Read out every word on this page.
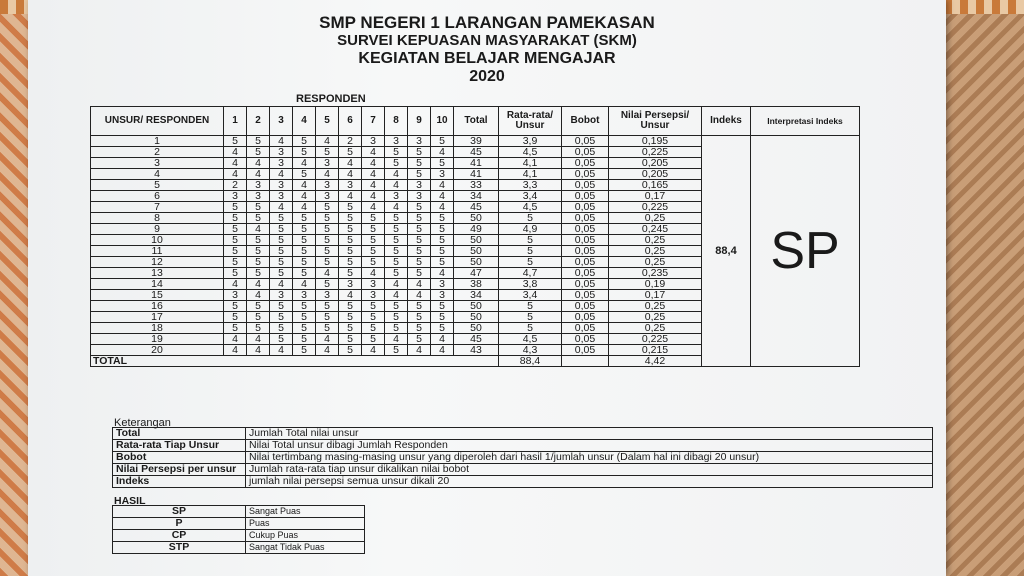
SMP NEGERI 1 LARANGAN PAMEKASAN
SURVEI KEPUASAN MASYARAKAT (SKM)
KEGIATAN BELAJAR MENGAJAR
2020
RESPONDEN
UNSUR/ RESPONDEN	1	2	3	4	5	6	7	8	9	10	Total	Rata-rata/ Unsur	Bobot	Nilai Persepsi/ Unsur	Indeks	Interpretasi Indeks
1	5	5	4	5	4	2	3	3	3	5	39	3,9	0,05	0,195	88,4	SP
2	4	5	3	5	5	5	4	5	5	4	45	4,5	0,05	0,225		
3	4	4	3	4	3	4	4	5	5	5	41	4,1	0,05	0,205		
4	4	4	4	5	4	4	4	4	5	3	41	4,1	0,05	0,205		
5	2	3	3	4	3	3	4	4	3	4	33	3,3	0,05	0,165		
6	3	3	3	4	3	4	4	3	3	4	34	3,4	0,05	0,17		
7	5	5	4	4	5	5	4	4	5	4	45	4,5	0,05	0,225		
8	5	5	5	5	5	5	5	5	5	5	50	5	0,05	0,25		
9	5	4	5	5	5	5	5	5	5	5	49	4,9	0,05	0,245		
10	5	5	5	5	5	5	5	5	5	5	50	5	0,05	0,25		
11	5	5	5	5	5	5	5	5	5	5	50	5	0,05	0,25		
12	5	5	5	5	5	5	5	5	5	5	50	5	0,05	0,25		
13	5	5	5	5	4	5	4	5	5	4	47	4,7	0,05	0,235		
14	4	4	4	4	5	3	3	4	4	3	38	3,8	0,05	0,19		
15	3	4	3	3	3	4	3	4	4	3	34	3,4	0,05	0,17		
16	5	5	5	5	5	5	5	5	5	5	50	5	0,05	0,25		
17	5	5	5	5	5	5	5	5	5	5	50	5	0,05	0,25		
18	5	5	5	5	5	5	5	5	5	5	50	5	0,05	0,25		
19	4	4	5	5	4	5	5	4	5	4	45	4,5	0,05	0,225		
20	4	4	4	5	4	5	4	5	4	4	43	4,3	0,05	0,215		
TOTAL												88,4		4,42		
Keterangan
Total	Jumlah Total nilai unsur
Rata-rata Tiap Unsur	Nilai Total unsur dibagi Jumlah Responden
Bobot	Nilai tertimbang masing-masing unsur yang diperoleh dari hasil 1/jumlah unsur (Dalam hal ini dibagi 20 unsur)
Nilai Persepsi per unsur	Jumlah rata-rata tiap unsur dikalikan nilai bobot
Indeks	jumlah nilai persepsi semua unsur dikali 20
HASIL
SP	Sangat Puas
P	Puas
CP	Cukup Puas
STP	Sangat Tidak Puas
